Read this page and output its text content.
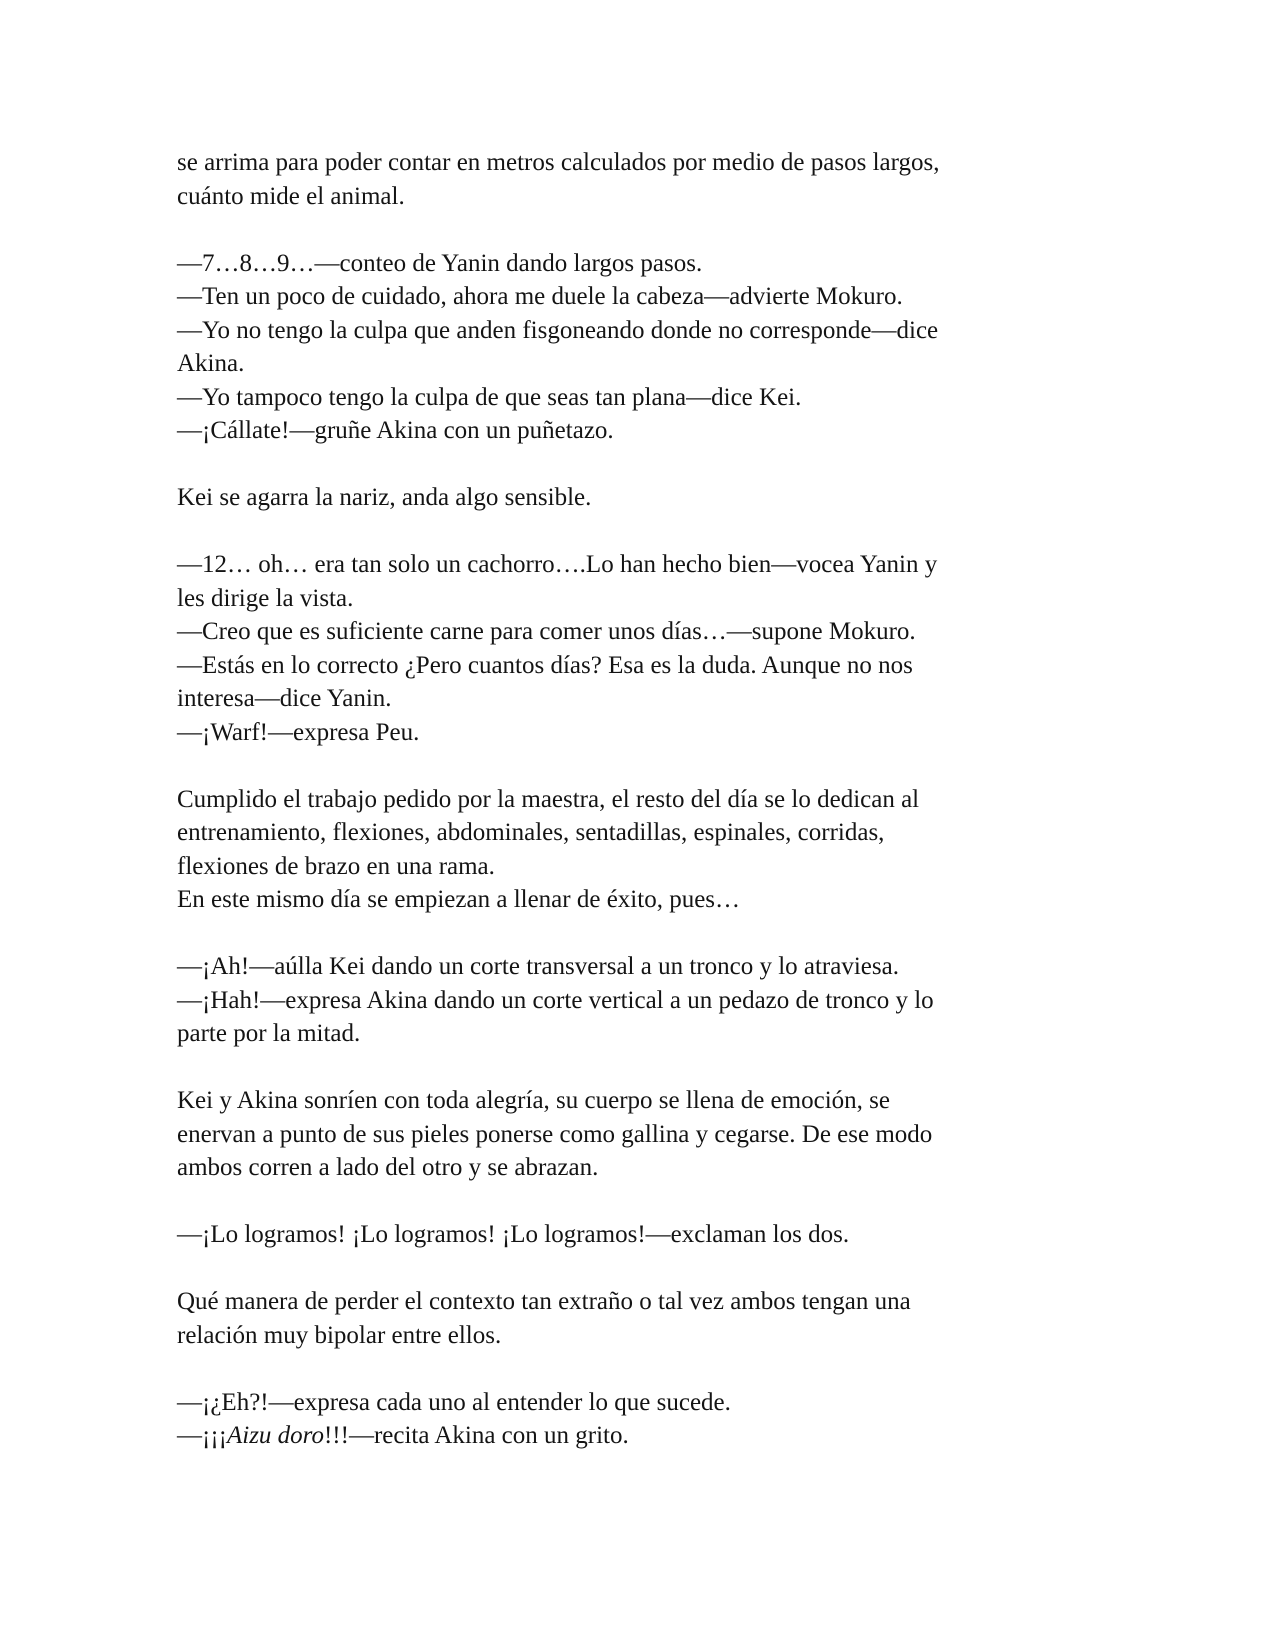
se arrima para poder contar en metros calculados por medio de pasos largos,
cuánto mide el animal.

—7…8…9…—conteo de Yanin dando largos pasos.
—Ten un poco de cuidado, ahora me duele la cabeza—advierte Mokuro.
—Yo no tengo la culpa que anden fisgoneando donde no corresponde—dice
Akina.
—Yo tampoco tengo la culpa de que seas tan plana—dice Kei.
—¡Cállate!—gruñe Akina con un puñetazo.

Kei se agarra la nariz, anda algo sensible.

—12… oh… era tan solo un cachorro….Lo han hecho bien—vocea Yanin y
les dirige la vista.
—Creo que es suficiente carne para comer unos días…—supone Mokuro.
—Estás en lo correcto ¿Pero cuantos días? Esa es la duda. Aunque no nos
interesa—dice Yanin.
—¡Warf!—expresa Peu.

Cumplido el trabajo pedido por la maestra, el resto del día se lo dedican al
entrenamiento, flexiones, abdominales, sentadillas, espinales, corridas,
flexiones de brazo en una rama.
En este mismo día se empiezan a llenar de éxito, pues…

—¡Ah!—aúlla Kei dando un corte transversal a un tronco y lo atraviesa.
—¡Hah!—expresa Akina dando un corte vertical a un pedazo de tronco y lo
parte por la mitad.

Kei y Akina sonríen con toda alegría, su cuerpo se llena de emoción, se
enervan a punto de sus pieles ponerse como gallina y cegarse. De ese modo
ambos corren a lado del otro y se abrazan.

—¡Lo logramos! ¡Lo logramos! ¡Lo logramos!—exclaman los dos.

Qué manera de perder el contexto tan extraño o tal vez ambos tengan una
relación muy bipolar entre ellos.

—¡¿Eh?!—expresa cada uno al entender lo que sucede.
—¡¡¡Aizu doro!!!—recita Akina con un grito.
